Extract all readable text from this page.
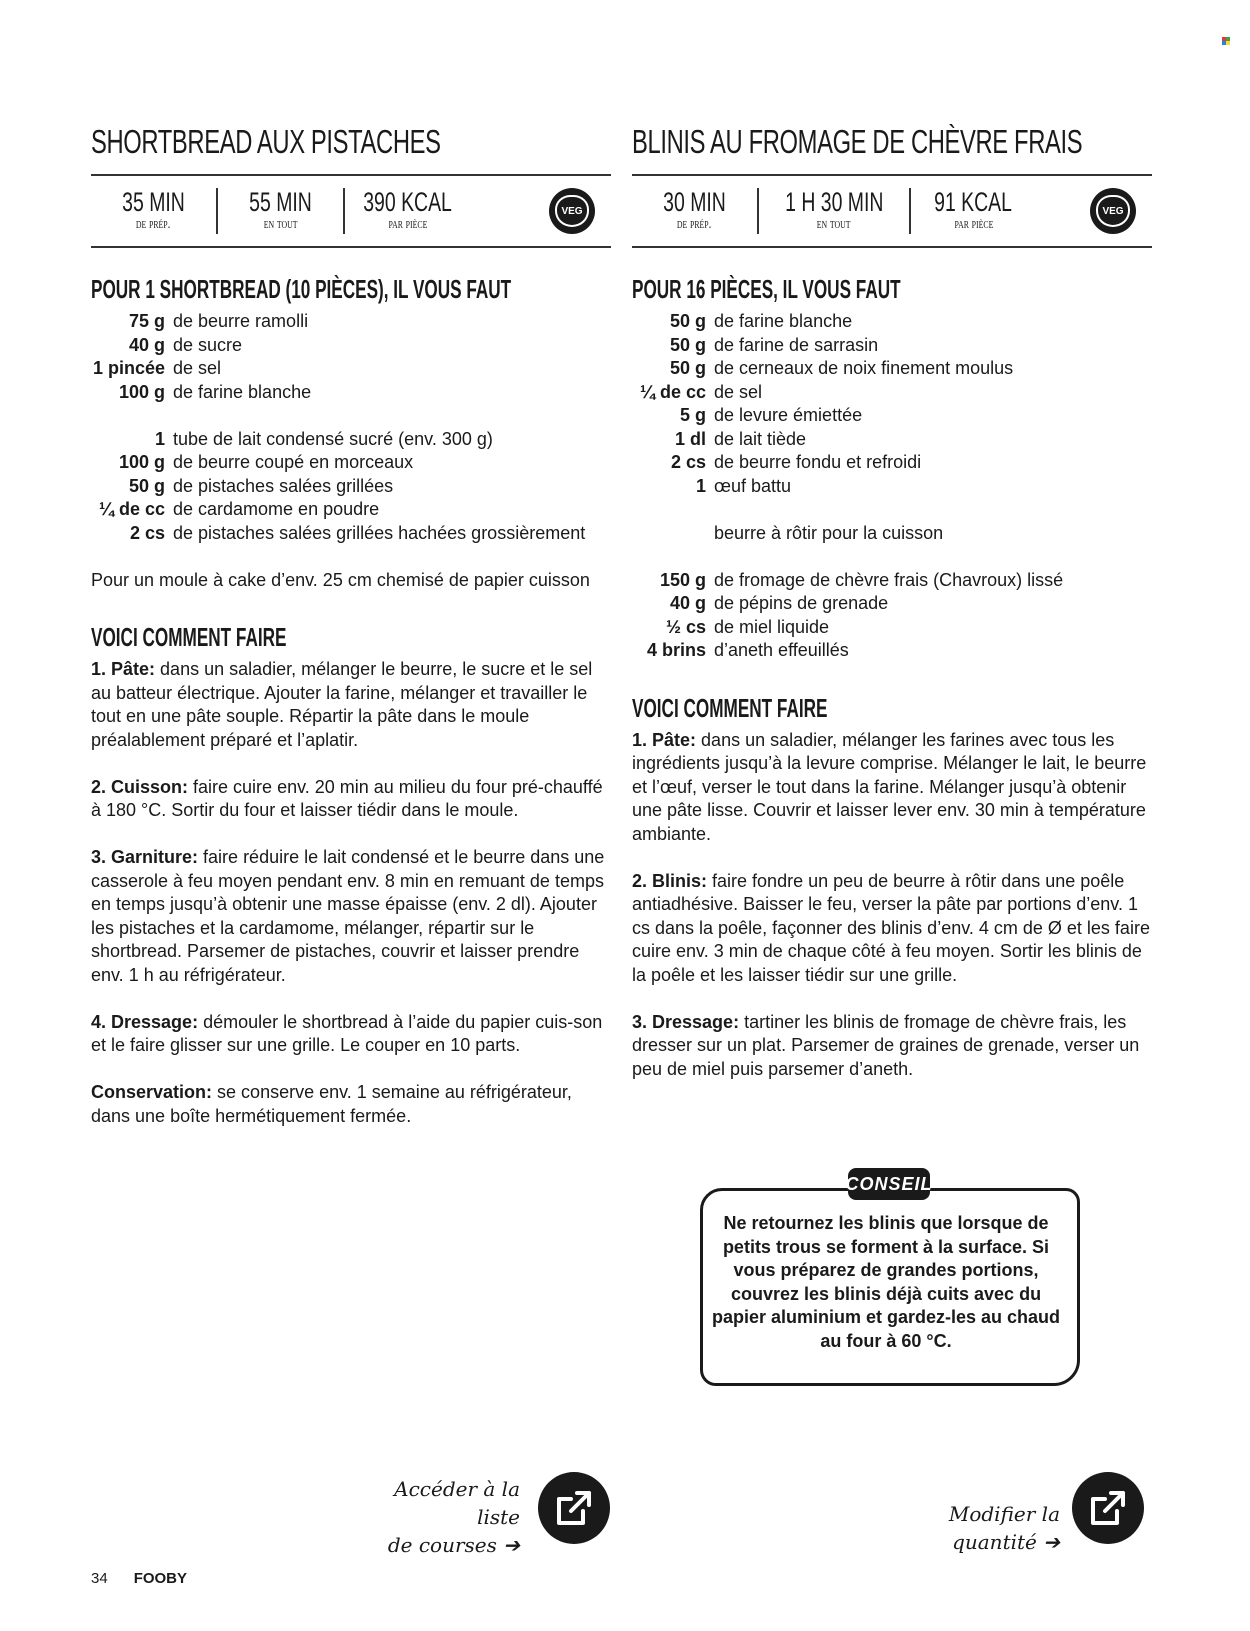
SHORTBREAD AUX PISTACHES
35 MIN
de prép.
55 MIN
en tout
390 KCAL
par pièce
VEG
POUR 1 SHORTBREAD (10 PIÈCES), IL VOUS FAUT
75 g de beurre ramolli
40 g de sucre
1 pincée de sel
100 g de farine blanche
1 tube de lait condensé sucré (env. 300 g)
100 g de beurre coupé en morceaux
50 g de pistaches salées grillées
¼ de cc de cardamome en poudre
2 cs de pistaches salées grillées hachées grossièrement

Pour un moule à cake d’env. 25 cm chemisé de papier cuisson

VOICI COMMENT FAIRE

1. Pâte: dans un saladier, mélanger le beurre, le sucre et le sel au batteur électrique. Ajouter la farine, mélanger et travailler le tout en une pâte souple. Répartir la pâte dans le moule préalablement préparé et l’aplatir.

2. Cuisson: faire cuire env. 20 min au milieu du four pré-chauffé à 180 °C. Sortir du four et laisser tiédir dans le moule.

3. Garniture: faire réduire le lait condensé et le beurre dans une casserole à feu moyen pendant env. 8 min en remuant de temps en temps jusqu’à obtenir une masse épaisse (env. 2 dl). Ajouter les pistaches et la cardamome, mélanger, répartir sur le shortbread. Parsemer de pistaches, couvrir et laisser prendre env. 1 h au réfrigérateur.

4. Dressage: démouler le shortbread à l’aide du papier cuis-son et le faire glisser sur une grille. Le couper en 10 parts.

Conservation: se conserve env. 1 semaine au réfrigérateur, dans une boîte hermétiquement fermée.

BLINIS AU FROMAGE DE CHÈVRE FRAIS
30 MIN
de prép.
1 H 30 MIN
en tout
91 KCAL
par pièce
VEG
POUR 16 PIÈCES, IL VOUS FAUT
50 g de farine blanche
50 g de farine de sarrasin
50 g de cerneaux de noix finement moulus
¼ de cc de sel
5 g de levure émiettée
1 dl de lait tiède
2 cs de beurre fondu et refroidi
1 œuf battu
beurre à rôtir pour la cuisson
150 g de fromage de chèvre frais (Chavroux) lissé
40 g de pépins de grenade
½ cs de miel liquide
4 brins d’aneth effeuillés
VOICI COMMENT FAIRE

1. Pâte: dans un saladier, mélanger les farines avec tous les ingrédients jusqu’à la levure comprise. Mélanger le lait, le beurre et l’œuf, verser le tout dans la farine. Mélanger jusqu’à obtenir une pâte lisse. Couvrir et laisser lever env. 30 min à température ambiante.

2. Blinis: faire fondre un peu de beurre à rôtir dans une poêle antiadhésive. Baisser le feu, verser la pâte par portions d’env. 1 cs dans la poêle, façonner des blinis d’env. 4 cm de Ø et les faire cuire env. 3 min de chaque côté à feu moyen. Sortir les blinis de la poêle et les laisser tiédir sur une grille.

3. Dressage: tartiner les blinis de fromage de chèvre frais, les dresser sur un plat. Parsemer de graines de grenade, verser un peu de miel puis parsemer d’aneth.

CONSEIL
Ne retournez les blinis que lorsque de petits trous se forment à la surface. Si vous préparez de grandes portions, couvrez les blinis déjà cuits avec du papier aluminium et gardez-les au chaud au four à 60 °C.
Accéder à la liste
de courses ➔
Modifier la quantité ➔
34 FOOBY
